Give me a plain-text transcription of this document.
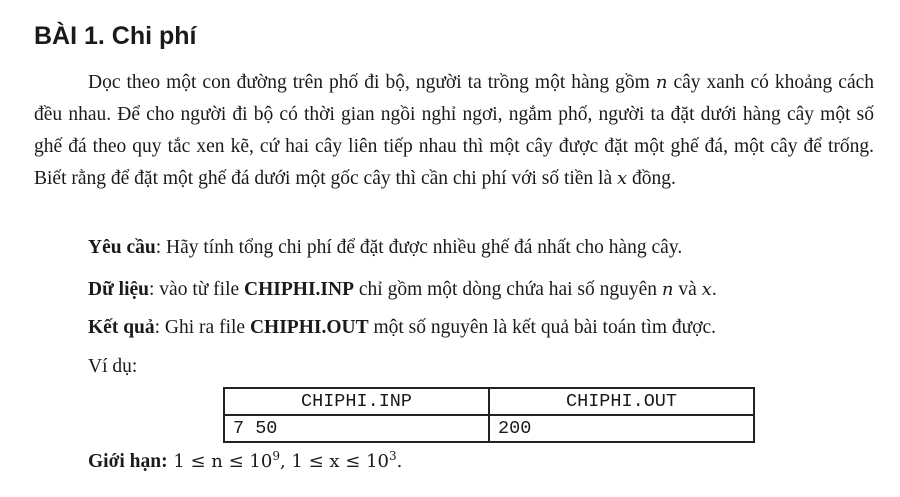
BÀI 1. Chi phí

Dọc theo một con đường trên phố đi bộ, người ta trồng một hàng gồm n cây xanh có khoảng cách đều nhau. Để cho người đi bộ có thời gian ngồi nghỉ ngơi, ngắm phố, người ta đặt dưới hàng cây một số ghế đá theo quy tắc xen kẽ, cứ hai cây liên tiếp nhau thì một cây được đặt một ghế đá, một cây để trống. Biết rằng để đặt một ghế đá dưới một gốc cây thì cần chi phí với số tiền là x đồng.

Yêu cầu: Hãy tính tổng chi phí để đặt được nhiều ghế đá nhất cho hàng cây.

Dữ liệu: vào từ file CHIPHI.INP chỉ gồm một dòng chứa hai số nguyên n và x.

Kết quả: Ghi ra file CHIPHI.OUT một số nguyên là kết quả bài toán tìm được.

Ví dụ:

CHIPHI.INP	CHIPHI.OUT
7 50	200

Giới hạn: $1 \le n \le 10^9$, $1 \le x \le 10^3$.
